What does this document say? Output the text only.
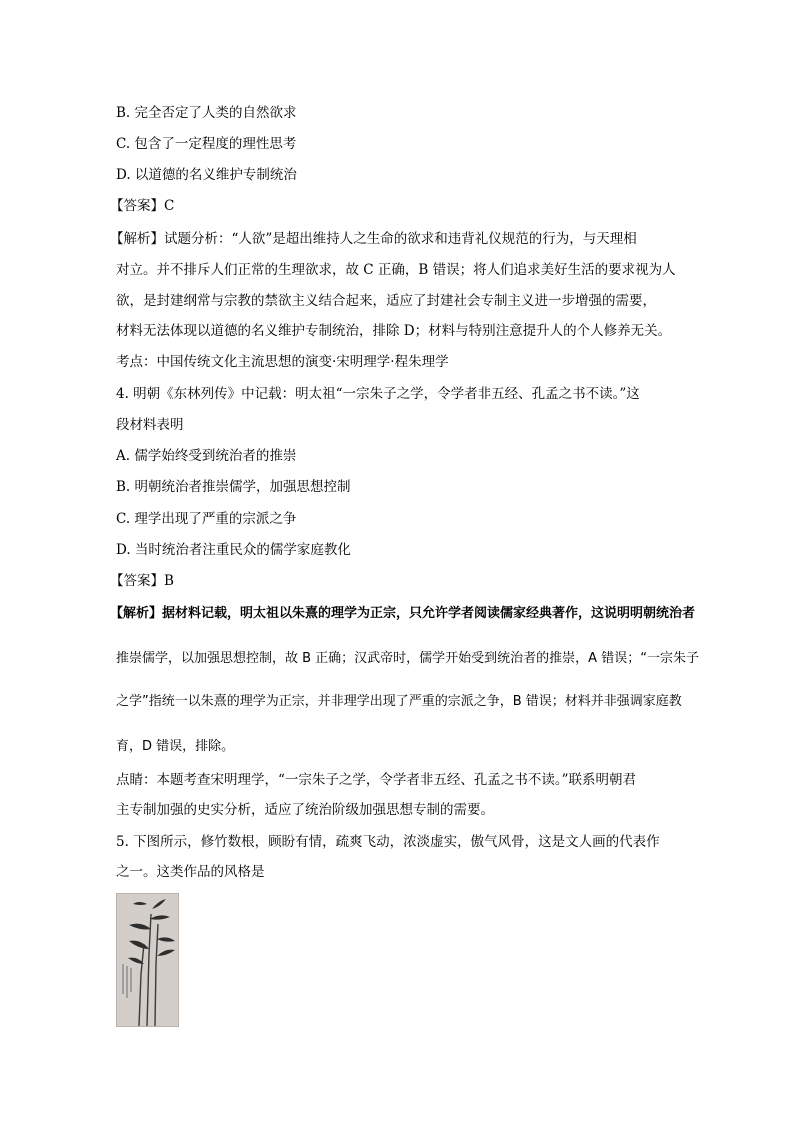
B. 完全否定了人类的自然欲求
C. 包含了一定程度的理性思考
D. 以道德的名义维护专制统治
【答案】C
【解析】试题分析：“人欲”是超出维持人之生命的欲求和违背礼仪规范的行为，与天理相
对立。并不排斥人们正常的生理欲求，故 C 正确，B 错误；将人们追求美好生活的要求视为人
欲，是封建纲常与宗教的禁欲主义结合起来，适应了封建社会专制主义进一步增强的需要，
材料无法体现以道德的名义维护专制统治，排除 D；材料与特别注意提升人的个人修养无关。
考点：中国传统文化主流思想的演变·宋明理学·程朱理学
4. 明朝《东林列传》中记载：明太祖“一宗朱子之学，令学者非五经、孔孟之书不读。”这
段材料表明
A. 儒学始终受到统治者的推崇
B. 明朝统治者推崇儒学，加强思想控制
C. 理学出现了严重的宗派之争
D. 当时统治者注重民众的儒学家庭教化
【答案】B
【解析】据材料记载，明太祖以朱熹的理学为正宗，只允许学者阅读儒家经典著作，这说明明朝统治者
推崇儒学，以加强思想控制，故 B 正确；汉武帝时，儒学开始受到统治者的推崇，A 错误；“一宗朱子
之学”指统一以朱熹的理学为正宗，并非理学出现了严重的宗派之争，B 错误；材料并非强调家庭教
育，D 错误，排除。
点睛：本题考查宋明理学，“一宗朱子之学，令学者非五经、孔孟之书不读。”联系明朝君
主专制加强的史实分析，适应了统治阶级加强思想专制的需要。
5. 下图所示，修竹数根，顾盼有情，疏爽飞动，浓淡虚实，傲气风骨，这是文人画的代表作
之一。这类作品的风格是
